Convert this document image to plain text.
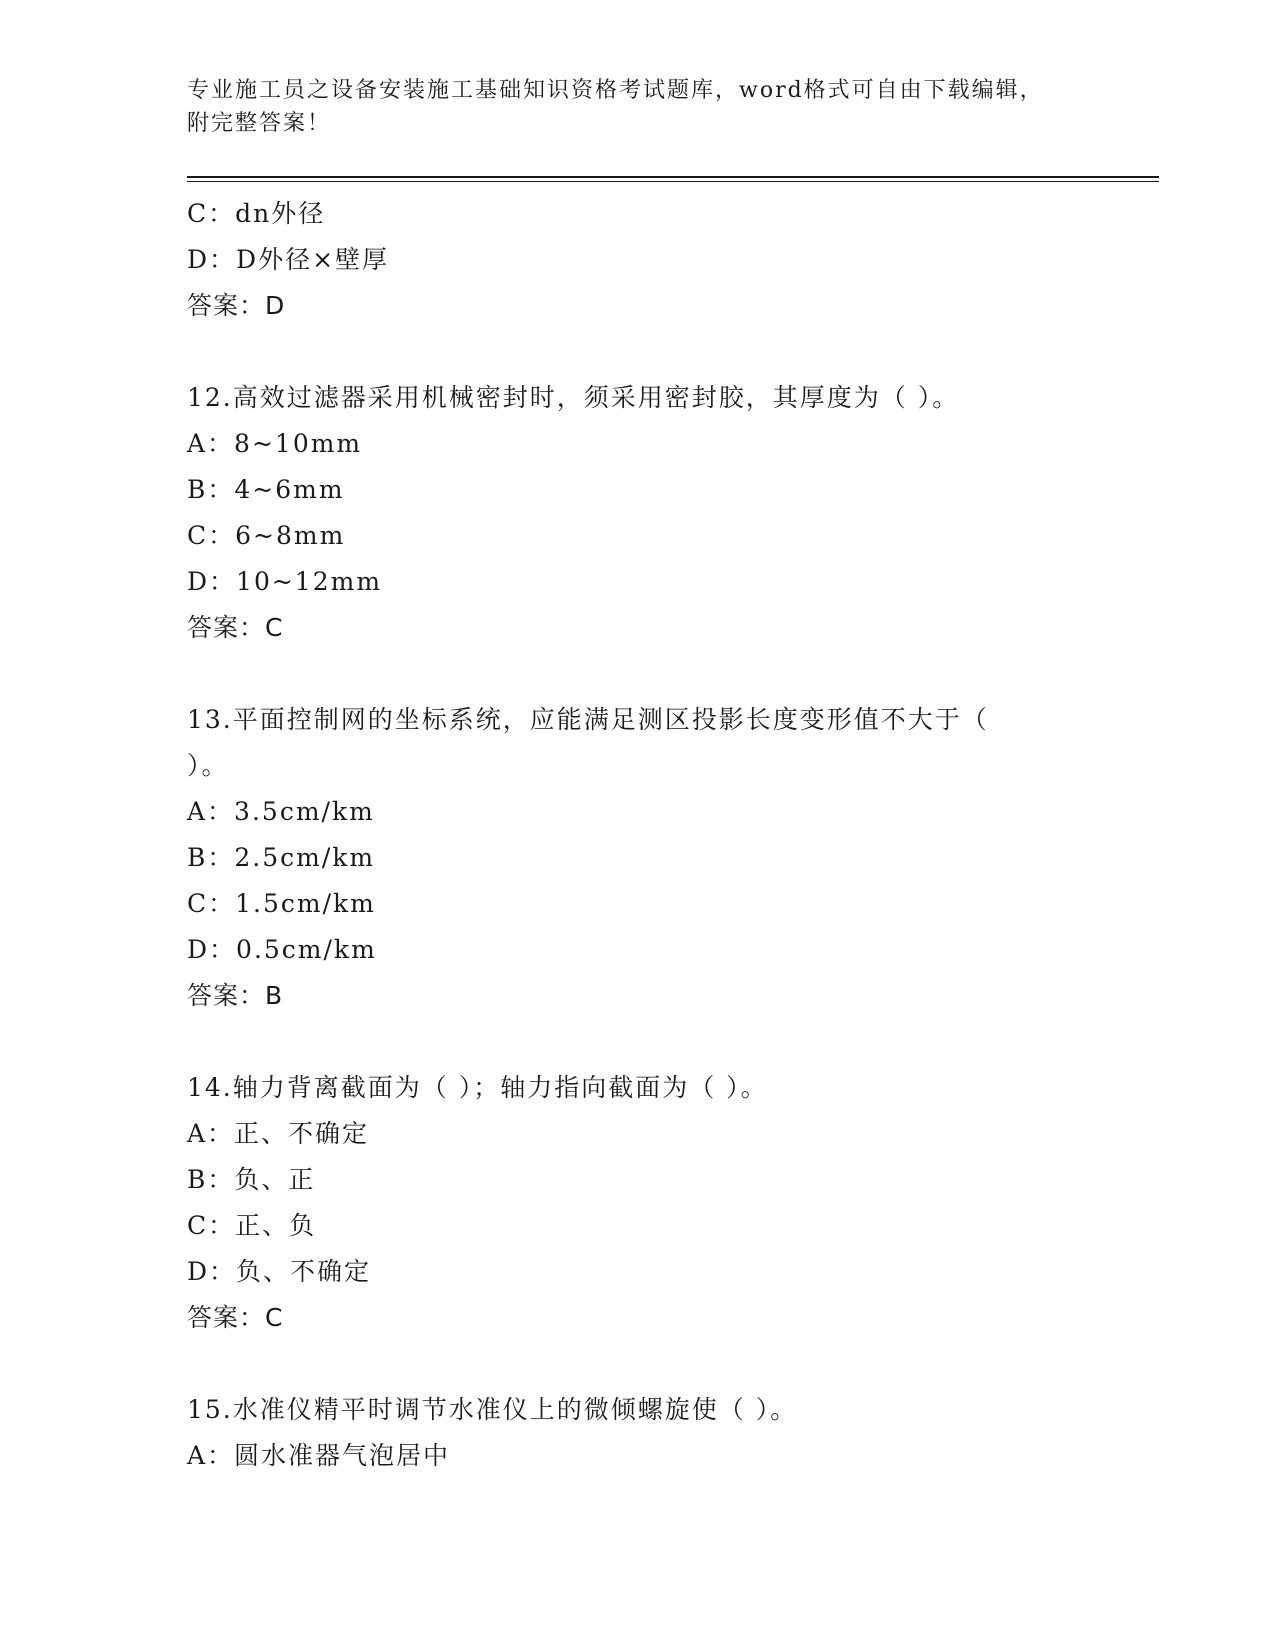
专业施工员之设备安装施工基础知识资格考试题库，word格式可自由下载编辑，
附完整答案！
C：dn外径
D：D外径×壁厚
答案：D
12.高效过滤器采用机械密封时，须采用密封胶，其厚度为（ ）。
A：8~10mm
B：4~6mm
C：6~8mm
D：10~12mm
答案：C
13.平面控制网的坐标系统，应能满足测区投影长度变形值不大于（
）。
A：3.5cm/km
B：2.5cm/km
C：1.5cm/km
D：0.5cm/km
答案：B
14.轴力背离截面为（ ）；轴力指向截面为（ ）。
A：正、不确定
B：负、正
C：正、负
D：负、不确定
答案：C
15.水准仪精平时调节水准仪上的微倾螺旋使（ ）。
A：圆水准器气泡居中
